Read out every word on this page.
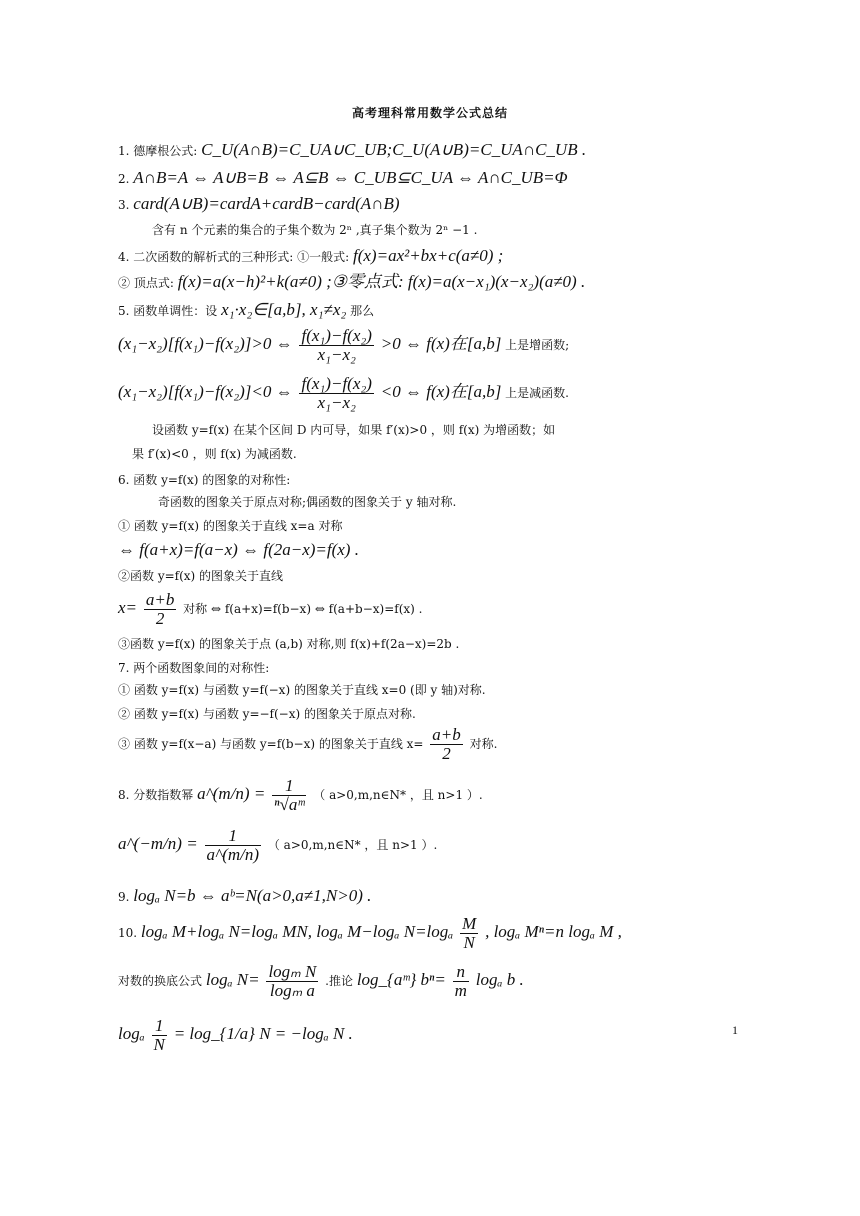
高考理科常用数学公式总结
1. 德摩根公式: C_U(A∩B)=C_UA∪C_UB;C_U(A∪B)=C_UA∩C_UB .
2. A∩B=A ⇔ A∪B=B ⇔ A⊆B ⇔ C_UB⊆C_UA ⇔ A∩C_UB=Φ
3. card(A∪B)=cardA+cardB−card(A∩B)
含有 n 个元素的集合的子集个数为 2ⁿ ,真子集个数为 2ⁿ −1 .
4. 二次函数的解析式的三种形式: ①一般式: f(x)=ax²+bx+c(a≠0) ;
② 顶点式: f(x)=a(x−h)²+k(a≠0) ;③零点式: f(x)=a(x−x₁)(x−x₂)(a≠0) .
5. 函数单调性：设 x₁·x₂∈[a,b], x₁≠x₂ 那么
(x₁−x₂)[f(x₁)−f(x₂)]>0 ⇔ $\frac{\text{f(x₁)−f(x₂)}}{\text{x₁−x₂}} >0$ ⇔ f(x)在[a,b] 上是增函数;
(x₁−x₂)[f(x₁)−f(x₂)]<0 ⇔ $\frac{\text{f(x₁)−f(x₂)}}{\text{x₁−x₂}} <0$ ⇔ f(x)在[a,b] 上是减函数.
设函数 y=f(x) 在某个区间 D 内可导，如果 f′(x)>0 ，则 f(x) 为增函数；如
果 f′(x)<0 ，则 f(x) 为减函数.
6. 函数 y=f(x) 的图象的对称性:
奇函数的图象关于原点对称;偶函数的图象关于 y 轴对称.
① 函数 y=f(x) 的图象关于直线 x=a 对称
⇔ f(a+x)=f(a−x) ⇔ f(2a−x)=f(x) .
②函数 y=f(x) 的图象关于直线
$x= \frac{a+b}{2}$ 对称 ⇔ f(a+x)=f(b−x) ⇔ f(a+b−x)=f(x) .
③函数 y=f(x) 的图象关于点 (a,b) 对称,则 f(x)+f(2a−x)=2b .
7. 两个函数图象间的对称性:
① 函数 y=f(x) 与函数 y=f(−x) 的图象关于直线 x=0 (即 y 轴)对称.
② 函数 y=f(x) 与函数 y=−f(−x) 的图象关于原点对称.
③ 函数 y=f(x−a) 与函数 y=f(b−x) 的图象关于直线 $x= \frac{a+b}{2}$ 对称.
8. 分数指数幂 a^(m/n) = $\frac{1}{\text{ⁿ√aᵐ}}$ （ a>0,m,n∈N* ，且 n>1 ）.
a^(−m/n) = $\frac{1}{a\^{}(m/n)}$ （ a>0,m,n∈N* ，且 n>1 ）.
9. logₐ N=b ⇔ aᵇ=N(a>0,a≠1,N>0) .
10. logₐ M+logₐ N=logₐ MN, logₐ M−logₐ $N=\log_a \frac{M}{N}$ , logₐ Mⁿ=n logₐ M ,
对数的换底公式 logₐ $N= \frac{\text{logₘ N}}{\text{logₘ a}}$ .推论 log_{aᵐ} $b^n= \frac{n}{m}$ logₐ b .
logₐ $\frac{1}{N}$ = log_{1/a} N = −logₐ N .	1
